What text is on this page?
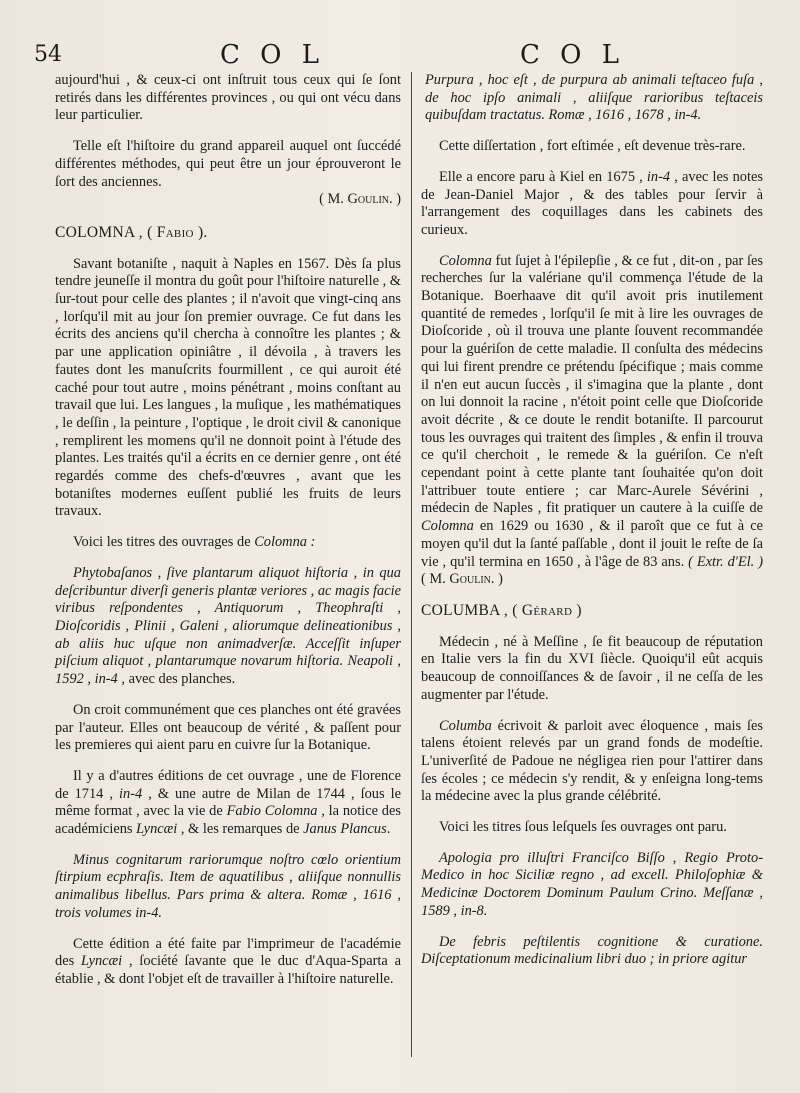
54	C O L	C O L

aujourd'hui , & ceux-ci ont inſtruit tous ceux qui ſe ſont retirés dans les différentes provinces , ou qui ont vécu dans leur particulier.

Telle eſt l'hiſtoire du grand appareil auquel ont ſuccédé différentes méthodes, qui peut être un jour éprouveront le ſort des anciennes.

( M. Goulin. )

COLOMNA , ( Fabio ).

Savant botaniſte , naquit à Naples en 1567. Dès ſa plus tendre jeuneſſe il montra du goût pour l'hiſtoire naturelle , & ſur-tout pour celle des plantes ; il n'avoit que vingt-cinq ans , lorſqu'il mit au jour ſon premier ouvrage. Ce fut dans les écrits des anciens qu'il chercha à connoître les plantes ; & par une application opiniâtre , il dévoila , à travers les fautes dont les manuſcrits fourmillent , ce qui auroit été caché pour tout autre , moins pénétrant , moins conſtant au travail que lui. Les langues , la muſique , les mathématiques , le deſſin , la peinture , l'optique , le droit civil & canonique , remplirent les momens qu'il ne donnoit point à l'étude des plantes. Les traités qu'il a écrits en ce dernier genre , ont été regardés comme des chefs-d'œuvres , avant que les botaniſtes modernes euſſent publié les fruits de leurs travaux.

Voici les titres des ouvrages de Colomna :

Phytobaſanos , ſive plantarum aliquot hiſtoria , in qua deſcribuntur diverſi generis plantæ veriores , ac magis facie viribus reſpondentes , Antiquorum , Theophraſti , Dioſcoridis , Plinii , Galeni , aliorumque delineationibus , ab aliis huc uſque non animadverſæ. Acceſſit inſuper piſcium aliquot , plantarumque novarum hiſtoria. Neapoli , 1592 , in-4 , avec des planches.

On croit communément que ces planches ont été gravées par l'auteur. Elles ont beaucoup de vérité , & paſſent pour les premieres qui aient paru en cuivre ſur la Botanique.

Il y a d'autres éditions de cet ouvrage , une de Florence de 1714 , in-4 , & une autre de Milan de 1744 , ſous le même format , avec la vie de Fabio Colomna , la notice des académiciens Lyncæi , & les remarques de Janus Plancus.

Minus cognitarum rariorumque noſtro cœlo orientium ſtirpium ecphraſis. Item de aquatilibus , aliiſque nonnullis animalibus libellus. Pars prima & altera. Romæ , 1616 , trois volumes in-4.

Cette édition a été faite par l'imprimeur de l'académie des Lyncæi , ſociété ſavante que le duc d'Aqua-Sparta a établie , & dont l'objet eſt de travailler à l'hiſtoire naturelle.

Purpura , hoc eſt , de purpura ab animali teſtaceo fuſa , de hoc ipſo animali , aliiſque rarioribus teſtaceis quibuſdam tractatus. Romæ , 1616 , 1678 , in-4.

Cette diſſertation , fort eſtimée , eſt devenue très-rare.

Elle a encore paru à Kiel en 1675 , in-4 , avec les notes de Jean-Daniel Major , & des tables pour ſervir à l'arrangement des coquillages dans les cabinets des curieux.

Colomna fut ſujet à l'épilepſie , & ce fut , dit-on , par ſes recherches ſur la valériane qu'il commença l'étude de la Botanique. Boerhaave dit qu'il avoit pris inutilement quantité de remedes , lorſqu'il ſe mit à lire les ouvrages de Dioſcoride , où il trouva une plante ſouvent recommandée pour la guériſon de cette maladie. Il conſulta des médecins qui lui firent prendre ce prétendu ſpécifique ; mais comme il n'en eut aucun ſuccès , il s'imagina que la plante , dont on lui donnoit la racine , n'étoit point celle que Dioſcoride avoit décrite , & ce doute le rendit botaniſte. Il parcourut tous les ouvrages qui traitent des ſimples , & enfin il trouva ce qu'il cherchoit , le remede & la guériſon. Ce n'eſt cependant point à cette plante tant ſouhaitée qu'on doit l'attribuer toute entiere ; car Marc-Aurele Sévérini , médecin de Naples , fit pratiquer un cautere à la cuiſſe de Colomna en 1629 ou 1630 , & il paroît que ce fut à ce moyen qu'il dut la ſanté paſſable , dont il jouit le reſte de ſa vie , qu'il termina en 1650 , à l'âge de 83 ans. ( Extr. d'El. ) ( M. Goulin. )

COLUMBA , ( Gérard )

Médecin , né à Meſſine , ſe fit beaucoup de réputation en Italie vers la fin du XVI ſiècle. Quoiqu'il eût acquis beaucoup de connoiſſances & de ſavoir , il ne ceſſa de les augmenter par l'étude.

Columba écrivoit & parloit avec éloquence , mais ſes talens étoient relevés par un grand fonds de modeſtie. L'univerſité de Padoue ne négligea rien pour l'attirer dans ſes écoles ; ce médecin s'y rendit, & y enſeigna long-tems la médecine avec la plus grande célébrité.

Voici les titres ſous leſquels ſes ouvrages ont paru.

Apologia pro illuſtri Franciſco Biſſo , Regio Proto-Medico in hoc Siciliæ regno , ad excell. Philoſophiæ & Medicinæ Doctorem Dominum Paulum Crino. Meſſanæ , 1589 , in-8.

De febris peſtilentis cognitione & curatione. Diſceptationum medicinalium libri duo ; in priore agitur
